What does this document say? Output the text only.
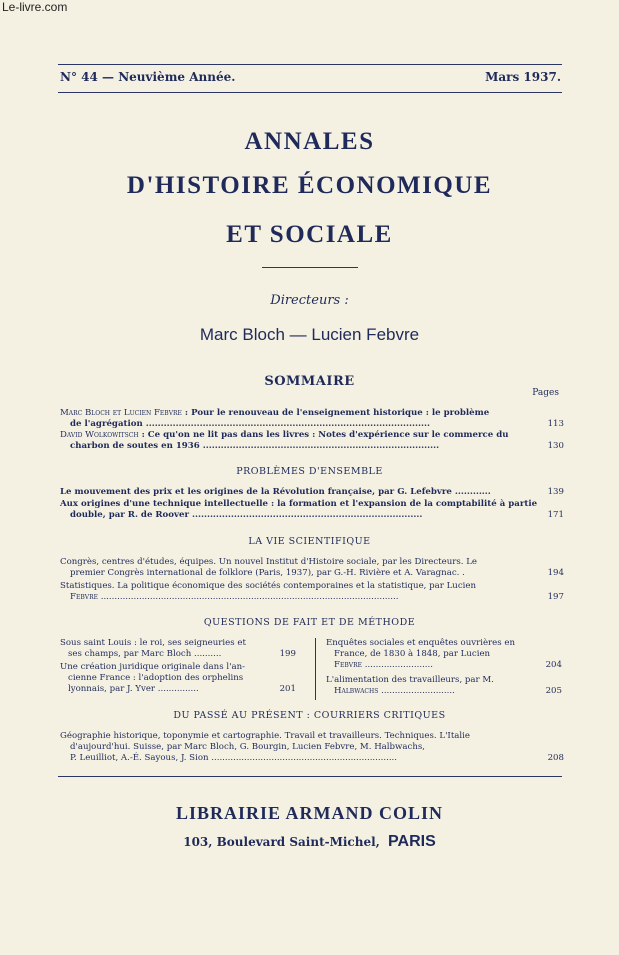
Le-livre.com
N° 44 — Neuvième Année.	Mars 1937.
ANNALES
D'HISTOIRE ÉCONOMIQUE
ET SOCIALE
Directeurs :
Marc Bloch — Lucien Febvre
SOMMAIRE
Pages
Marc Bloch et Lucien Febvre : Pour le renouveau de l'enseignement historique : le problème
de l'agrégation ...............................................................................................	113
David Wolkowitsch : Ce qu'on ne lit pas dans les livres : Notes d'expérience sur le commerce du
charbon de soutes en 1936 ...............................................................................	130
PROBLÈMES D'ENSEMBLE
Le mouvement des prix et les origines de la Révolution française, par G. Lefebvre ............	139
Aux origines d'une technique intellectuelle : la formation et l'expansion de la comptabilité à partie
double, par R. de Roover .............................................................................	171
LA VIE SCIENTIFIQUE
Congrès, centres d'études, équipes. Un nouvel Institut d'Histoire sociale, par les Directeurs. Le
premier Congrès international de folklore (Paris, 1937), par G.-H. Rivière et A. Varagnac. .	194
Statistiques. La politique économique des sociétés contemporaines et la statistique, par Lucien
Febvre .............................................................................................................	197
QUESTIONS DE FAIT ET DE MÉTHODE
Sous saint Louis : le roi, ses seigneuries et
ses champs, par Marc Bloch ..........	199
Une création juridique originale dans l'an-
cienne France : l'adoption des orphelins
lyonnais, par J. Yver ...............	201
Enquêtes sociales et enquêtes ouvrières en
France, de 1830 à 1848, par Lucien
Febvre .........................	204
L'alimentation des travailleurs, par M.
Halbwachs ...........................	205
DU PASSÉ AU PRÉSENT : COURRIERS CRITIQUES
Géographie historique, toponymie et cartographie. Travail et travailleurs. Techniques. L'Italie
d'aujourd'hui. Suisse, par Marc Bloch, G. Bourgin, Lucien Febvre, M. Halbwachs,
P. Leuilliot, A.-É. Sayous, J. Sion ....................................................................	208
LIBRAIRIE ARMAND COLIN
103, Boulevard Saint-Michel, PARIS
